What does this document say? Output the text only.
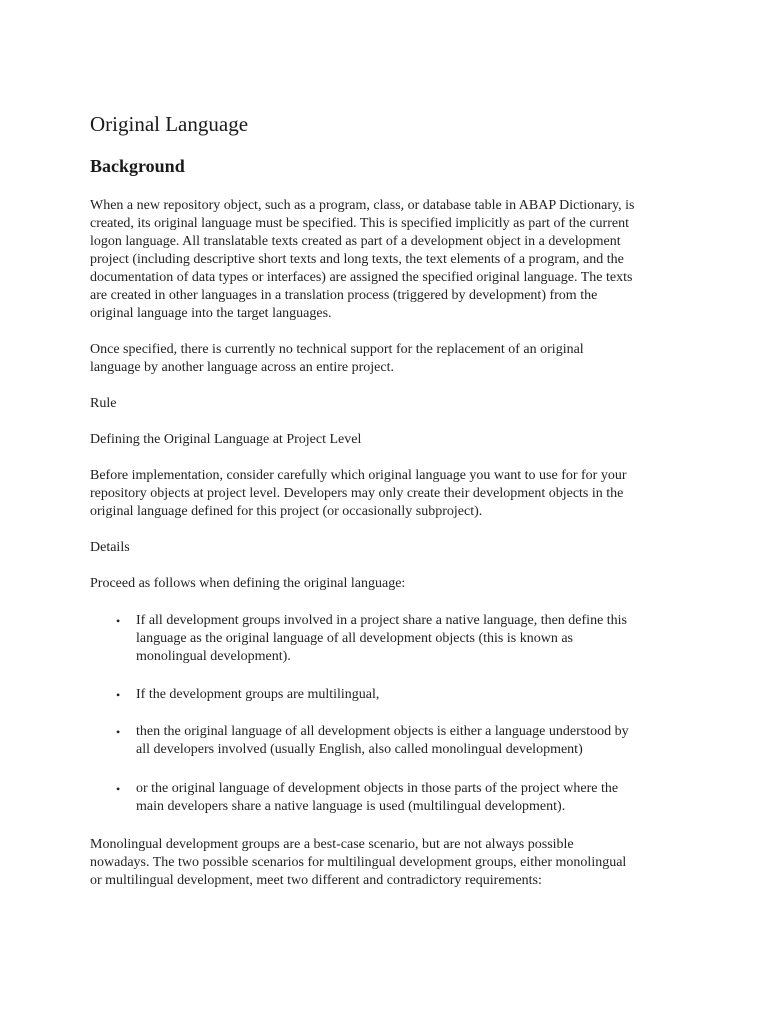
Original Language
Background

When a new repository object, such as a program, class, or database table in ABAP Dictionary, is
created, its original language must be specified. This is specified implicitly as part of the current
logon language. All translatable texts created as part of a development object in a development
project (including descriptive short texts and long texts, the text elements of a program, and the
documentation of data types or interfaces) are assigned the specified original language. The texts
are created in other languages in a translation process (triggered by development) from the
original language into the target languages.

Once specified, there is currently no technical support for the replacement of an original
language by another language across an entire project.

Rule

Defining the Original Language at Project Level

Before implementation, consider carefully which original language you want to use for for your
repository objects at project level. Developers may only create their development objects in the
original language defined for this project (or occasionally subproject).

Details

Proceed as follows when defining the original language:

• If all development groups involved in a project share a native language, then define this
language as the original language of all development objects (this is known as
monolingual development).
• If the development groups are multilingual,
• then the original language of all development objects is either a language understood by
all developers involved (usually English, also called monolingual development)
• or the original language of development objects in those parts of the project where the
main developers share a native language is used (multilingual development).

Monolingual development groups are a best-case scenario, but are not always possible
nowadays. The two possible scenarios for multilingual development groups, either monolingual
or multilingual development, meet two different and contradictory requirements:
